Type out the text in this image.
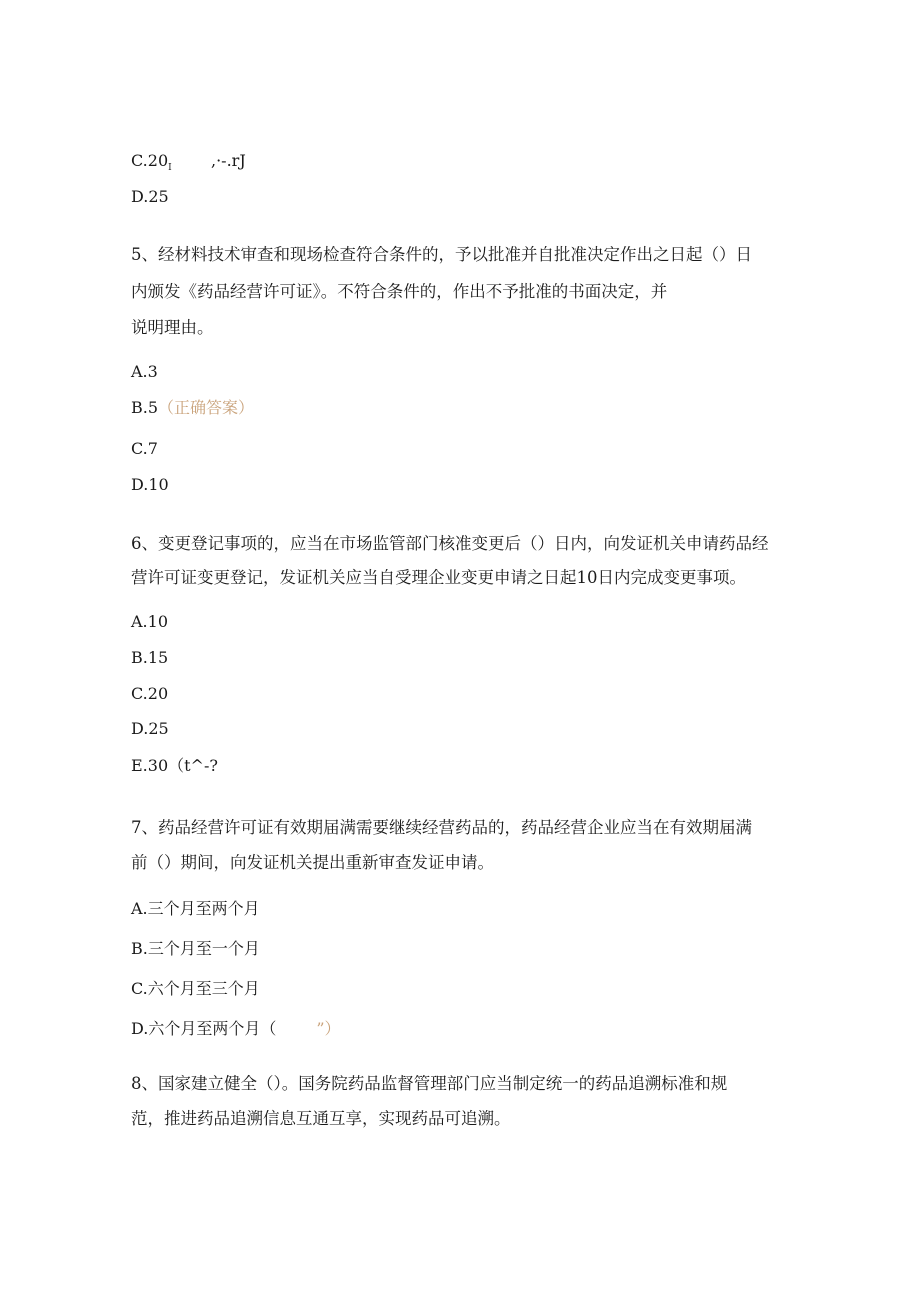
$C.20_I$ ,·-.rJ
D.25
5、经材料技术审查和现场检查符合条件的，予以批准并自批准决定作出之日起（）日
内颁发《药品经营许可证》。不符合条件的，作出不予批准的书面决定，并
说明理由。
A.3
B.5（正确答案）
C.7
D.10
6、变更登记事项的，应当在市场监管部门核准变更后（）日内，向发证机关申请药品经
营许可证变更登记，发证机关应当自受理企业变更申请之日起10日内完成变更事项。
A.10
B.15
C.20
D.25
E.30（t^-?
7、药品经营许可证有效期届满需要继续经营药品的，药品经营企业应当在有效期届满
前（）期间，向发证机关提出重新审查发证申请。
A.三个月至两个月
B.三个月至一个月
C.六个月至三个月
D.六个月至两个月（	”）
8、国家建立健全（）。国务院药品监督管理部门应当制定统一的药品追溯标准和规
范，推进药品追溯信息互通互享，实现药品可追溯。
